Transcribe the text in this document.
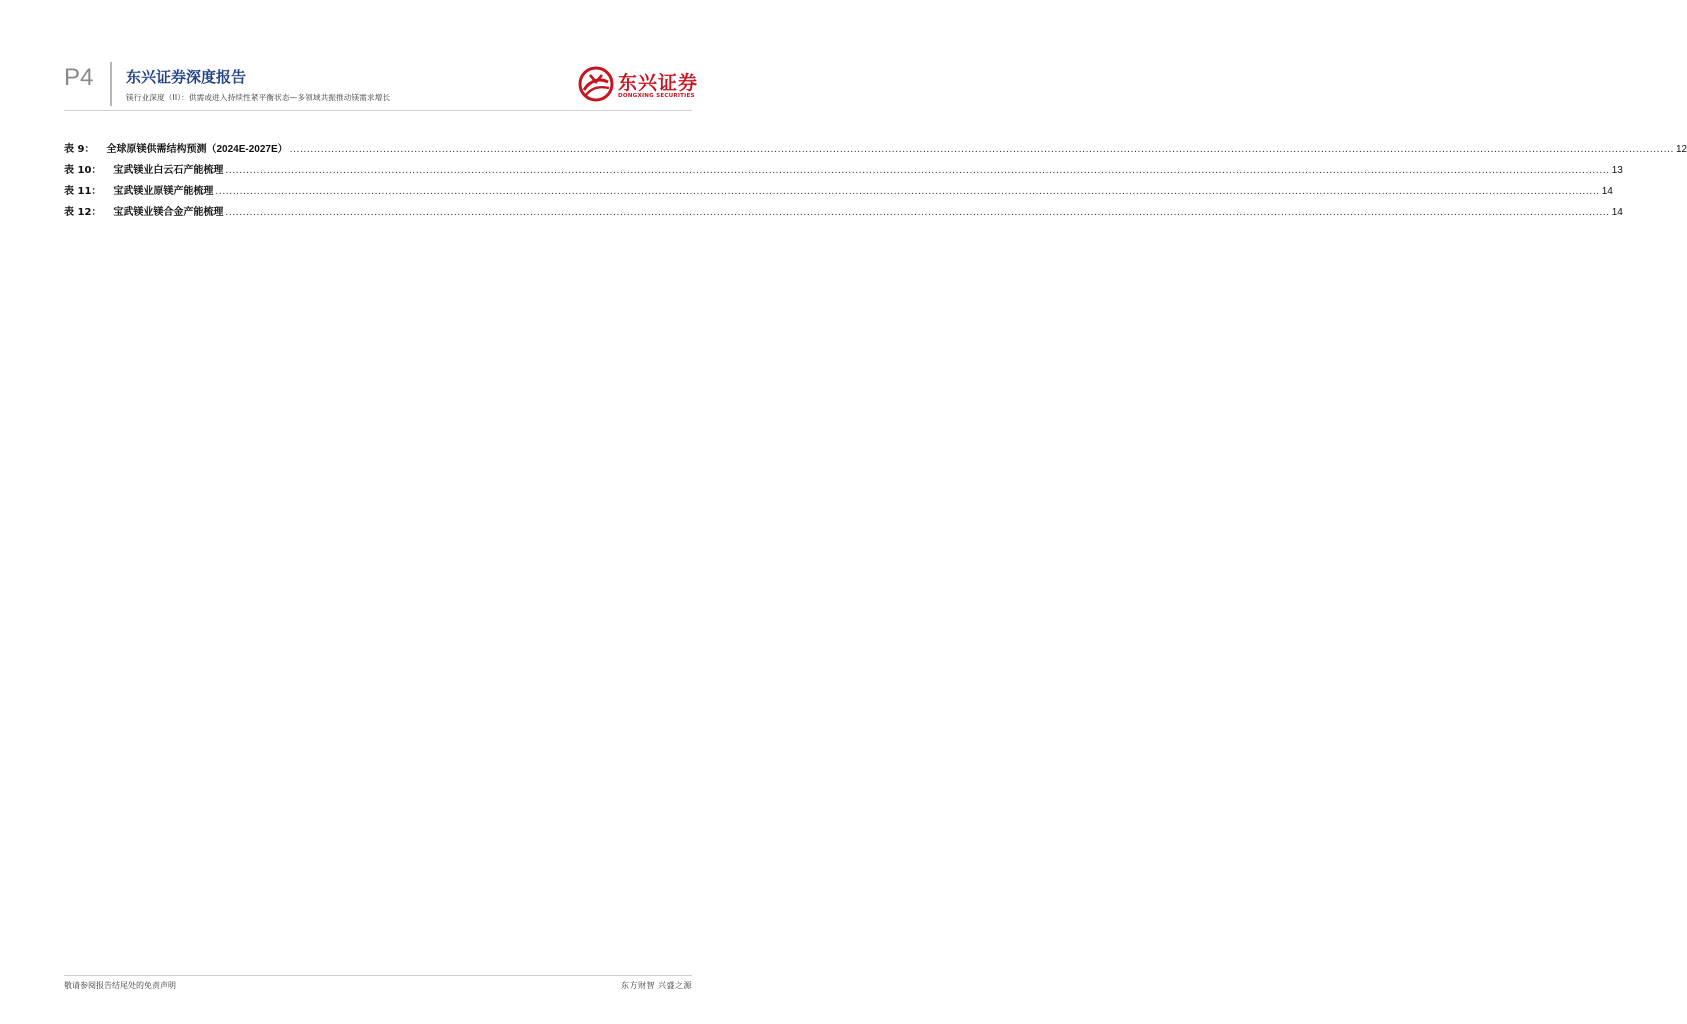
P4 东兴证券深度报告
镁行业深度（II）：供需或进入持续性紧平衡状态—多领域共振推动镁需求增长
东兴证券
DONGXING SECURITIES
表 9： 全球原镁供需结构预测（2024E-2027E） ................................................................................................................................................................................................................................................................................................................................................................................................................ 12
表 10： 宝武镁业白云石产能梳理 ................................................................................................................................................................................................................................................................................................................................................................................................................ 13
表 11： 宝武镁业原镁产能梳理 ................................................................................................................................................................................................................................................................................................................................................................................................................ 14
表 12： 宝武镁业镁合金产能梳理 ................................................................................................................................................................................................................................................................................................................................................................................................................ 14
敬请参阅报告结尾处的免责声明	东方财智 兴盛之源
